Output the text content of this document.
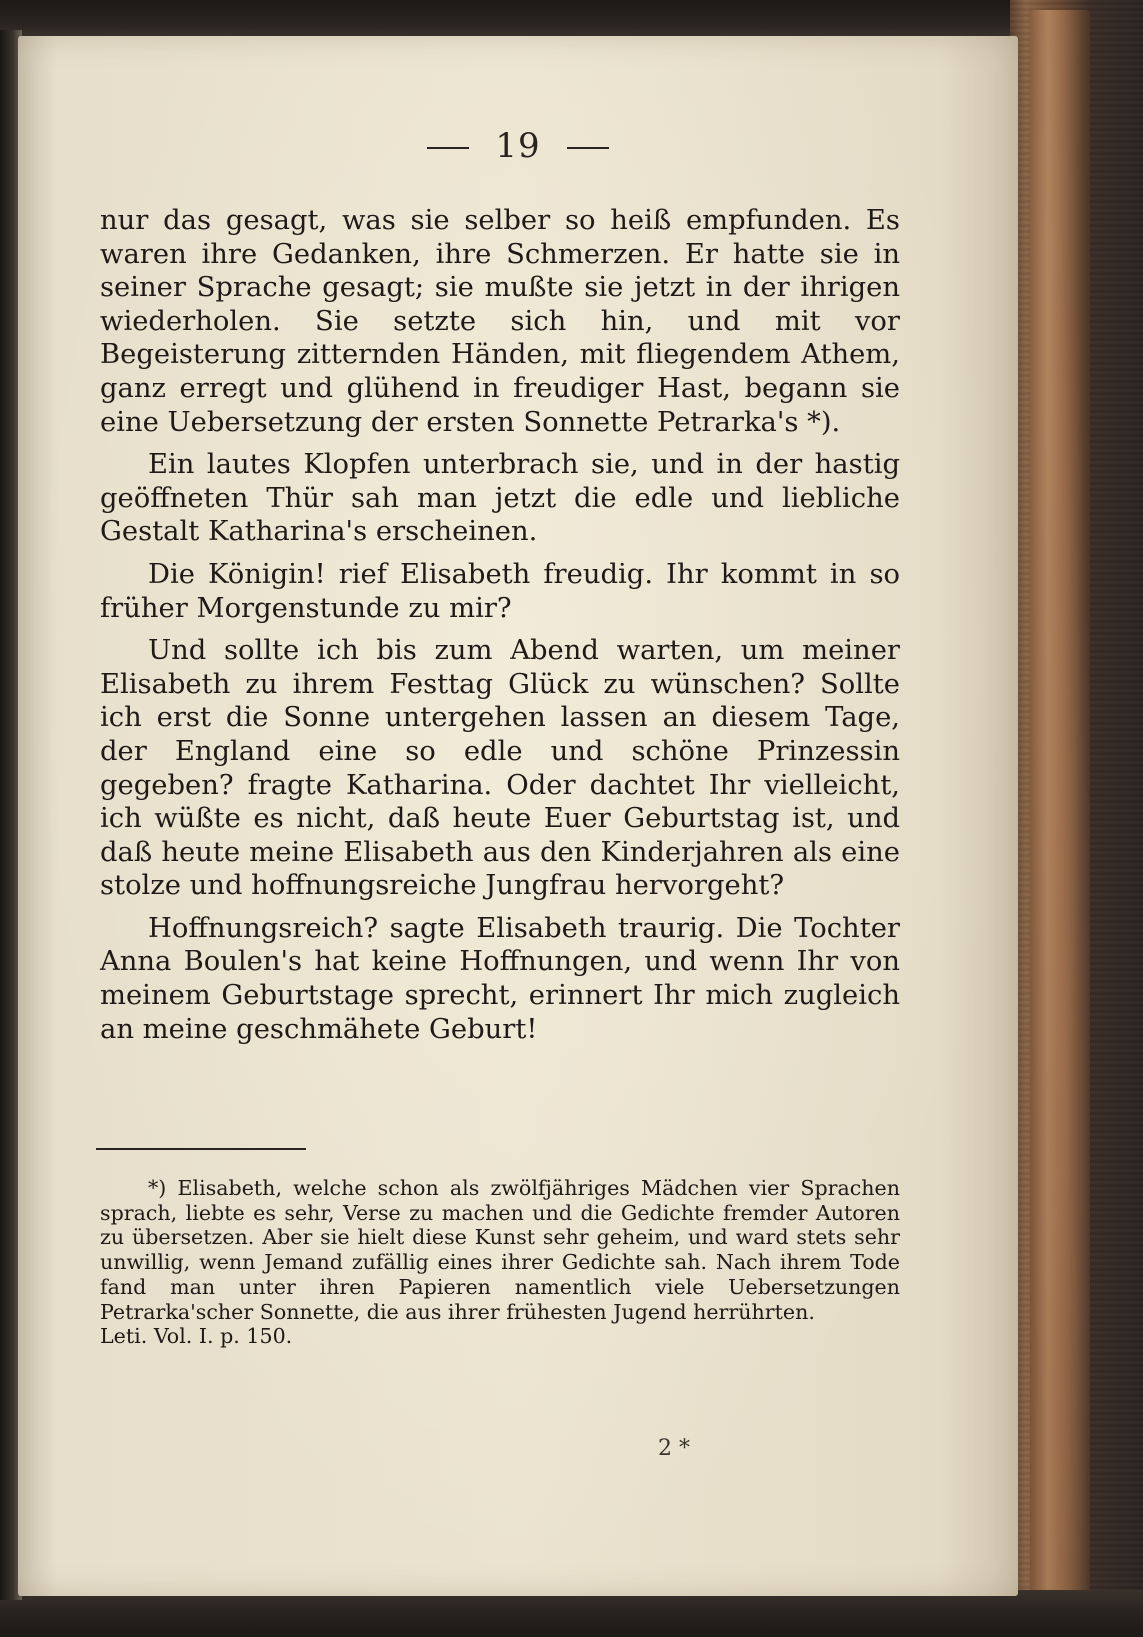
19

nur das gesagt, was sie selber so heiß empfunden. Es waren ihre Gedanken, ihre Schmerzen. Er hatte sie in seiner Sprache gesagt; sie mußte sie jetzt in der ihrigen wiederholen. Sie setzte sich hin, und mit vor Begeisterung zitternden Händen, mit fliegendem Athem, ganz erregt und glühend in freudiger Hast, begann sie eine Uebersetzung der ersten Sonnette Petrarka's *).

Ein lautes Klopfen unterbrach sie, und in der hastig geöffneten Thür sah man jetzt die edle und liebliche Gestalt Katharina's erscheinen.

Die Königin! rief Elisabeth freudig. Ihr kommt in so früher Morgenstunde zu mir?

Und sollte ich bis zum Abend warten, um meiner Elisabeth zu ihrem Festtag Glück zu wünschen? Sollte ich erst die Sonne untergehen lassen an diesem Tage, der England eine so edle und schöne Prinzessin gegeben? fragte Katharina. Oder dachtet Ihr vielleicht, ich wüßte es nicht, daß heute Euer Geburtstag ist, und daß heute meine Elisabeth aus den Kinderjahren als eine stolze und hoffnungsreiche Jungfrau hervorgeht?

Hoffnungsreich? sagte Elisabeth traurig. Die Tochter Anna Boulen's hat keine Hoffnungen, und wenn Ihr von meinem Geburtstage sprecht, erinnert Ihr mich zugleich an meine geschmähete Geburt!

*) Elisabeth, welche schon als zwölfjähriges Mädchen vier Sprachen sprach, liebte es sehr, Verse zu machen und die Gedichte fremder Autoren zu übersetzen. Aber sie hielt diese Kunst sehr geheim, und ward stets sehr unwillig, wenn Jemand zufällig eines ihrer Gedichte sah. Nach ihrem Tode fand man unter ihren Papieren namentlich viele Uebersetzungen Petrarka'scher Sonnette, die aus ihrer frühesten Jugend herrührten.
Leti. Vol. I. p. 150.
2 *
